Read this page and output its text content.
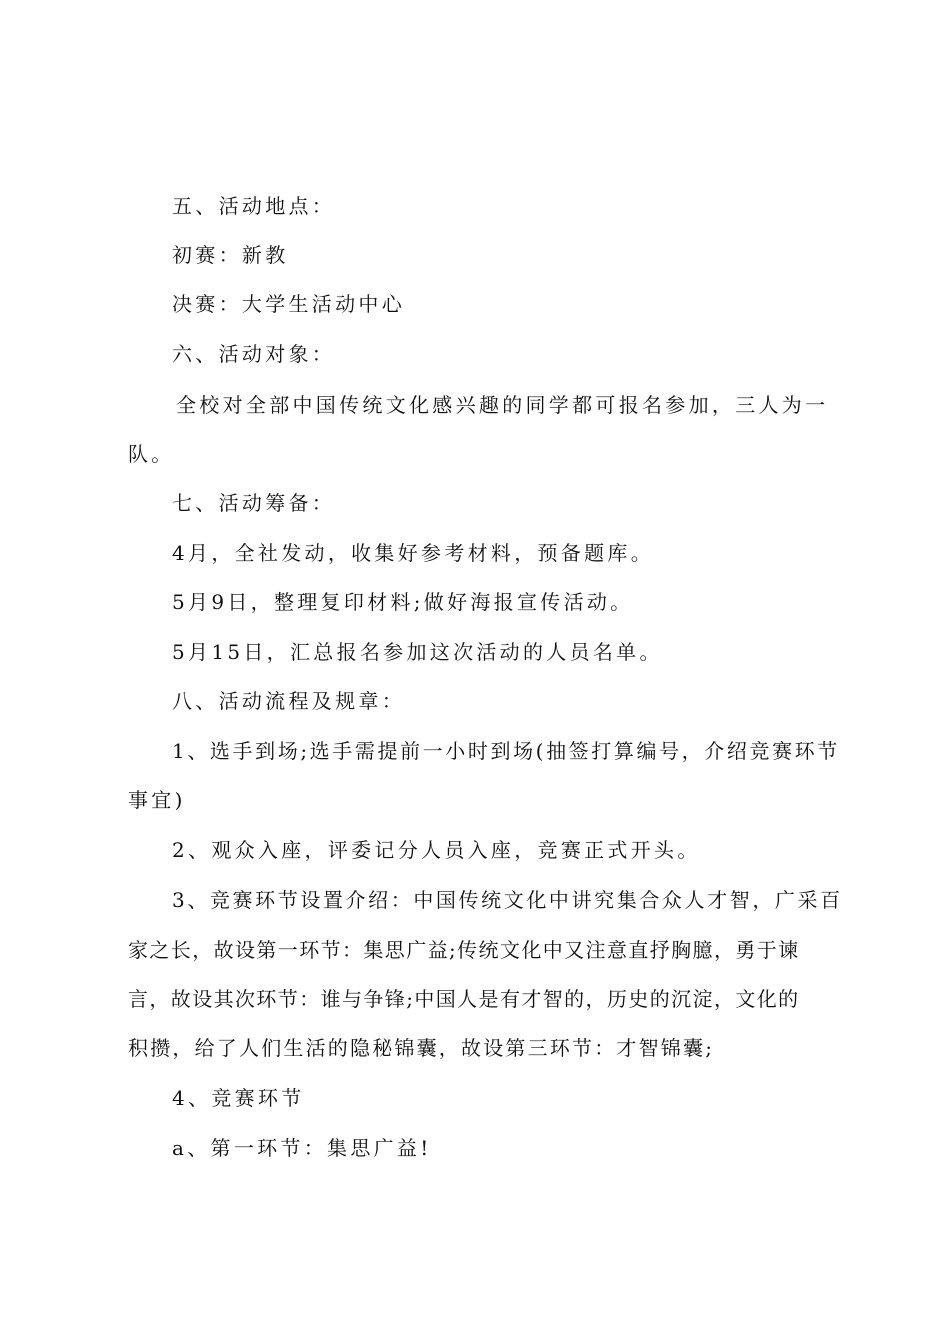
五、活动地点：
初赛：新教
决赛：大学生活动中心
六、活动对象：
全校对全部中国传统文化感兴趣的同学都可报名参加，三人为一
队。
七、活动筹备：
4月，全社发动，收集好参考材料，预备题库。
5月9日，整理复印材料;做好海报宣传活动。
5月15日，汇总报名参加这次活动的人员名单。
八、活动流程及规章：
1、选手到场;选手需提前一小时到场(抽签打算编号，介绍竞赛环节
事宜)
2、观众入座，评委记分人员入座，竞赛正式开头。
3、竞赛环节设置介绍：中国传统文化中讲究集合众人才智，广采百
家之长，故设第一环节：集思广益;传统文化中又注意直抒胸臆，勇于谏
言，故设其次环节：谁与争锋;中国人是有才智的，历史的沉淀，文化的
积攒，给了人们生活的隐秘锦囊，故设第三环节：才智锦囊;
4、竞赛环节
a、第一环节：集思广益!
